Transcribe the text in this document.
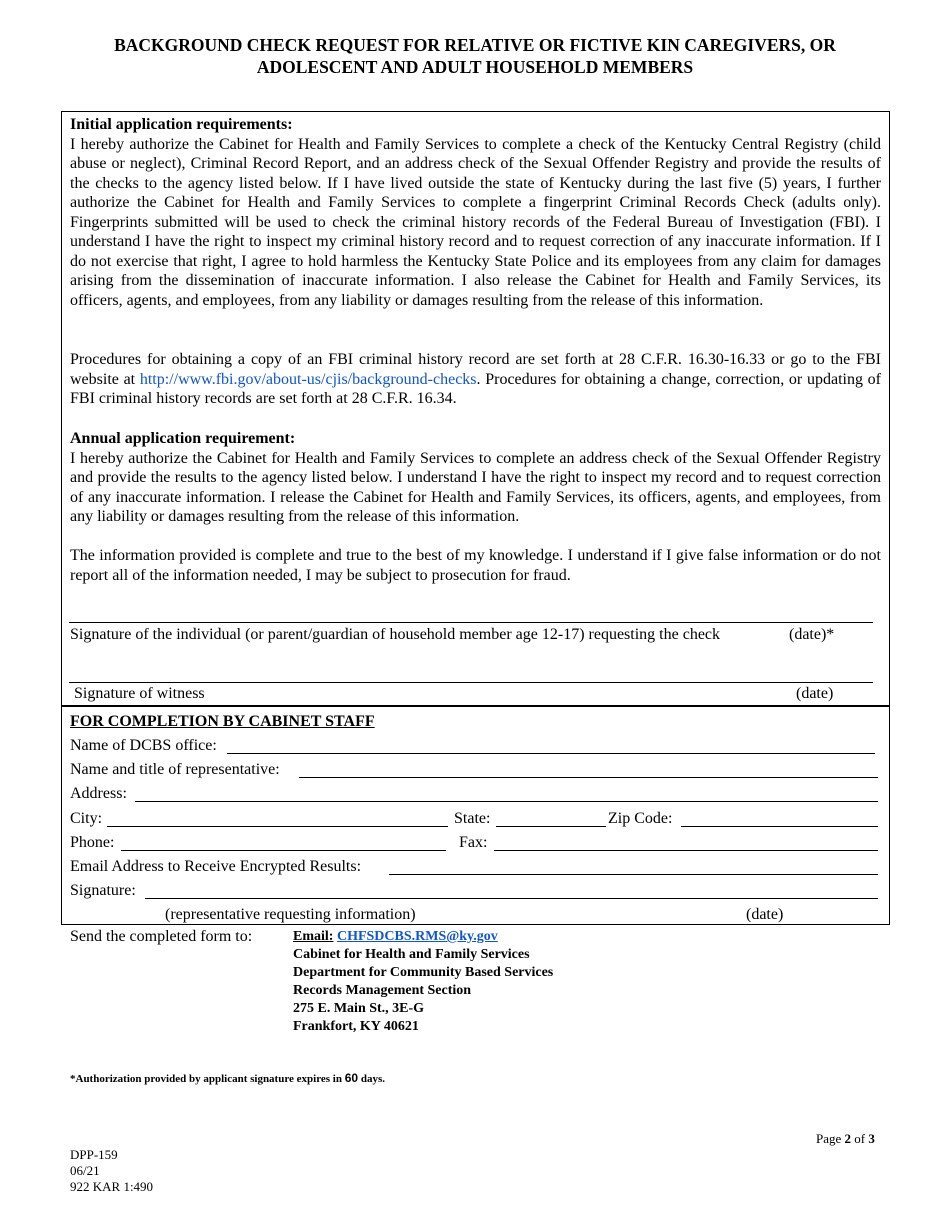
BACKGROUND CHECK REQUEST FOR RELATIVE OR FICTIVE KIN CAREGIVERS, OR
ADOLESCENT AND ADULT HOUSEHOLD MEMBERS
Initial application requirements:
I hereby authorize the Cabinet for Health and Family Services to complete a check of the Kentucky Central Registry (child abuse or neglect), Criminal Record Report, and an address check of the Sexual Offender Registry and provide the results of the checks to the agency listed below. If I have lived outside the state of Kentucky during the last five (5) years, I further authorize the Cabinet for Health and Family Services to complete a fingerprint Criminal Records Check (adults only). Fingerprints submitted will be used to check the criminal history records of the Federal Bureau of Investigation (FBI). I understand I have the right to inspect my criminal history record and to request correction of any inaccurate information. If I do not exercise that right, I agree to hold harmless the Kentucky State Police and its employees from any claim for damages arising from the dissemination of inaccurate information. I also release the Cabinet for Health and Family Services, its officers, agents, and employees, from any liability or damages resulting from the release of this information.
Procedures for obtaining a copy of an FBI criminal history record are set forth at 28 C.F.R. 16.30-16.33 or go to the FBI website at http://www.fbi.gov/about-us/cjis/background-checks. Procedures for obtaining a change, correction, or updating of FBI criminal history records are set forth at 28 C.F.R. 16.34.
Annual application requirement:
I hereby authorize the Cabinet for Health and Family Services to complete an address check of the Sexual Offender Registry and provide the results to the agency listed below. I understand I have the right to inspect my record and to request correction of any inaccurate information. I release the Cabinet for Health and Family Services, its officers, agents, and employees, from any liability or damages resulting from the release of this information.
The information provided is complete and true to the best of my knowledge. I understand if I give false information or do not report all of the information needed, I may be subject to prosecution for fraud.
Signature of the individual (or parent/guardian of household member age 12-17) requesting the check	(date)*
Signature of witness	(date)
FOR COMPLETION BY CABINET STAFF
Name of DCBS office:
Name and title of representative:
Address:
City:	State:	Zip Code:
Phone:	Fax:
Email Address to Receive Encrypted Results:
Signature:
(representative requesting information)	(date)
Send the completed form to:	Email: CHFSDCBS.RMS@ky.gov
Cabinet for Health and Family Services
Department for Community Based Services
Records Management Section
275 E. Main St., 3E-G
Frankfort, KY 40621
*Authorization provided by applicant signature expires in 60 days.
Page 2 of 3
DPP-159
06/21
922 KAR 1:490
